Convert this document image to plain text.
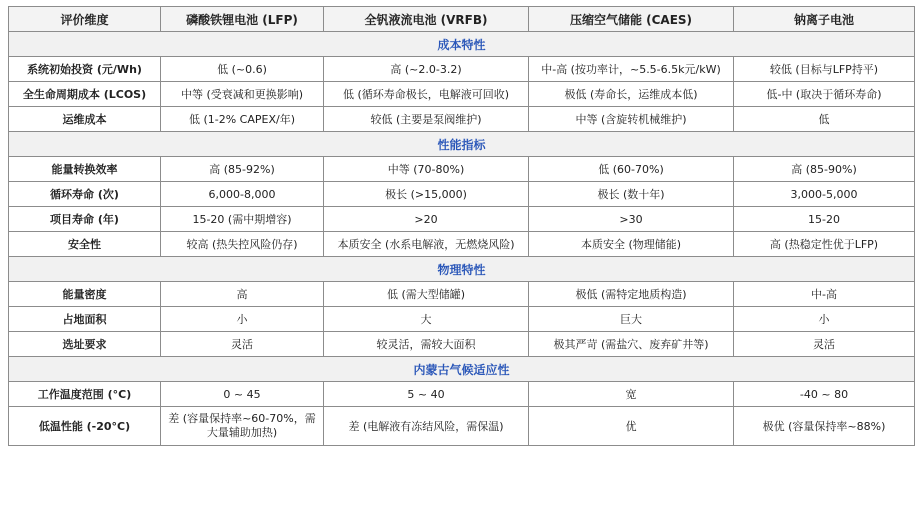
评价维度	磷酸铁锂电池 (LFP)	全钒液流电池 (VRFB)	压缩空气储能 (CAES)	钠离子电池
成本特性				
系统初始投资 (元/Wh)	低 (~0.6)	高 (~2.0-3.2)	中-高 (按功率计，~5.5-6.5k元/kW)	较低 (目标与LFP持平)
全生命周期成本 (LCOS)	中等 (受衰减和更换影响)	低 (循环寿命极长，电解液可回收)	极低 (寿命长，运维成本低)	低-中 (取决于循环寿命)
运维成本	低 (1-2% CAPEX/年)	较低 (主要是泵阀维护)	中等 (含旋转机械维护)	低
性能指标				
能量转换效率	高 (85-92%)	中等 (70-80%)	低 (60-70%)	高 (85-90%)
循环寿命 (次)	6,000-8,000	极长 (>15,000)	极长 (数十年)	3,000-5,000
项目寿命 (年)	15-20 (需中期增容)	>20	>30	15-20
安全性	较高 (热失控风险仍存)	本质安全 (水系电解液，无燃烧风险)	本质安全 (物理储能)	高 (热稳定性优于LFP)
物理特性				
能量密度	高	低 (需大型储罐)	极低 (需特定地质构造)	中-高
占地面积	小	大	巨大	小
选址要求	灵活	较灵活，需较大面积	极其严苛 (需盐穴、废弃矿井等)	灵活
内蒙古气候适应性				
工作温度范围 (°C)	0 ~ 45	5 ~ 40	宽	-40 ~ 80
低温性能 (-20°C)	差 (容量保持率~60-70%，需大量辅助加热)	差 (电解液有冻结风险，需保温)	优	极优 (容量保持率~88%)
